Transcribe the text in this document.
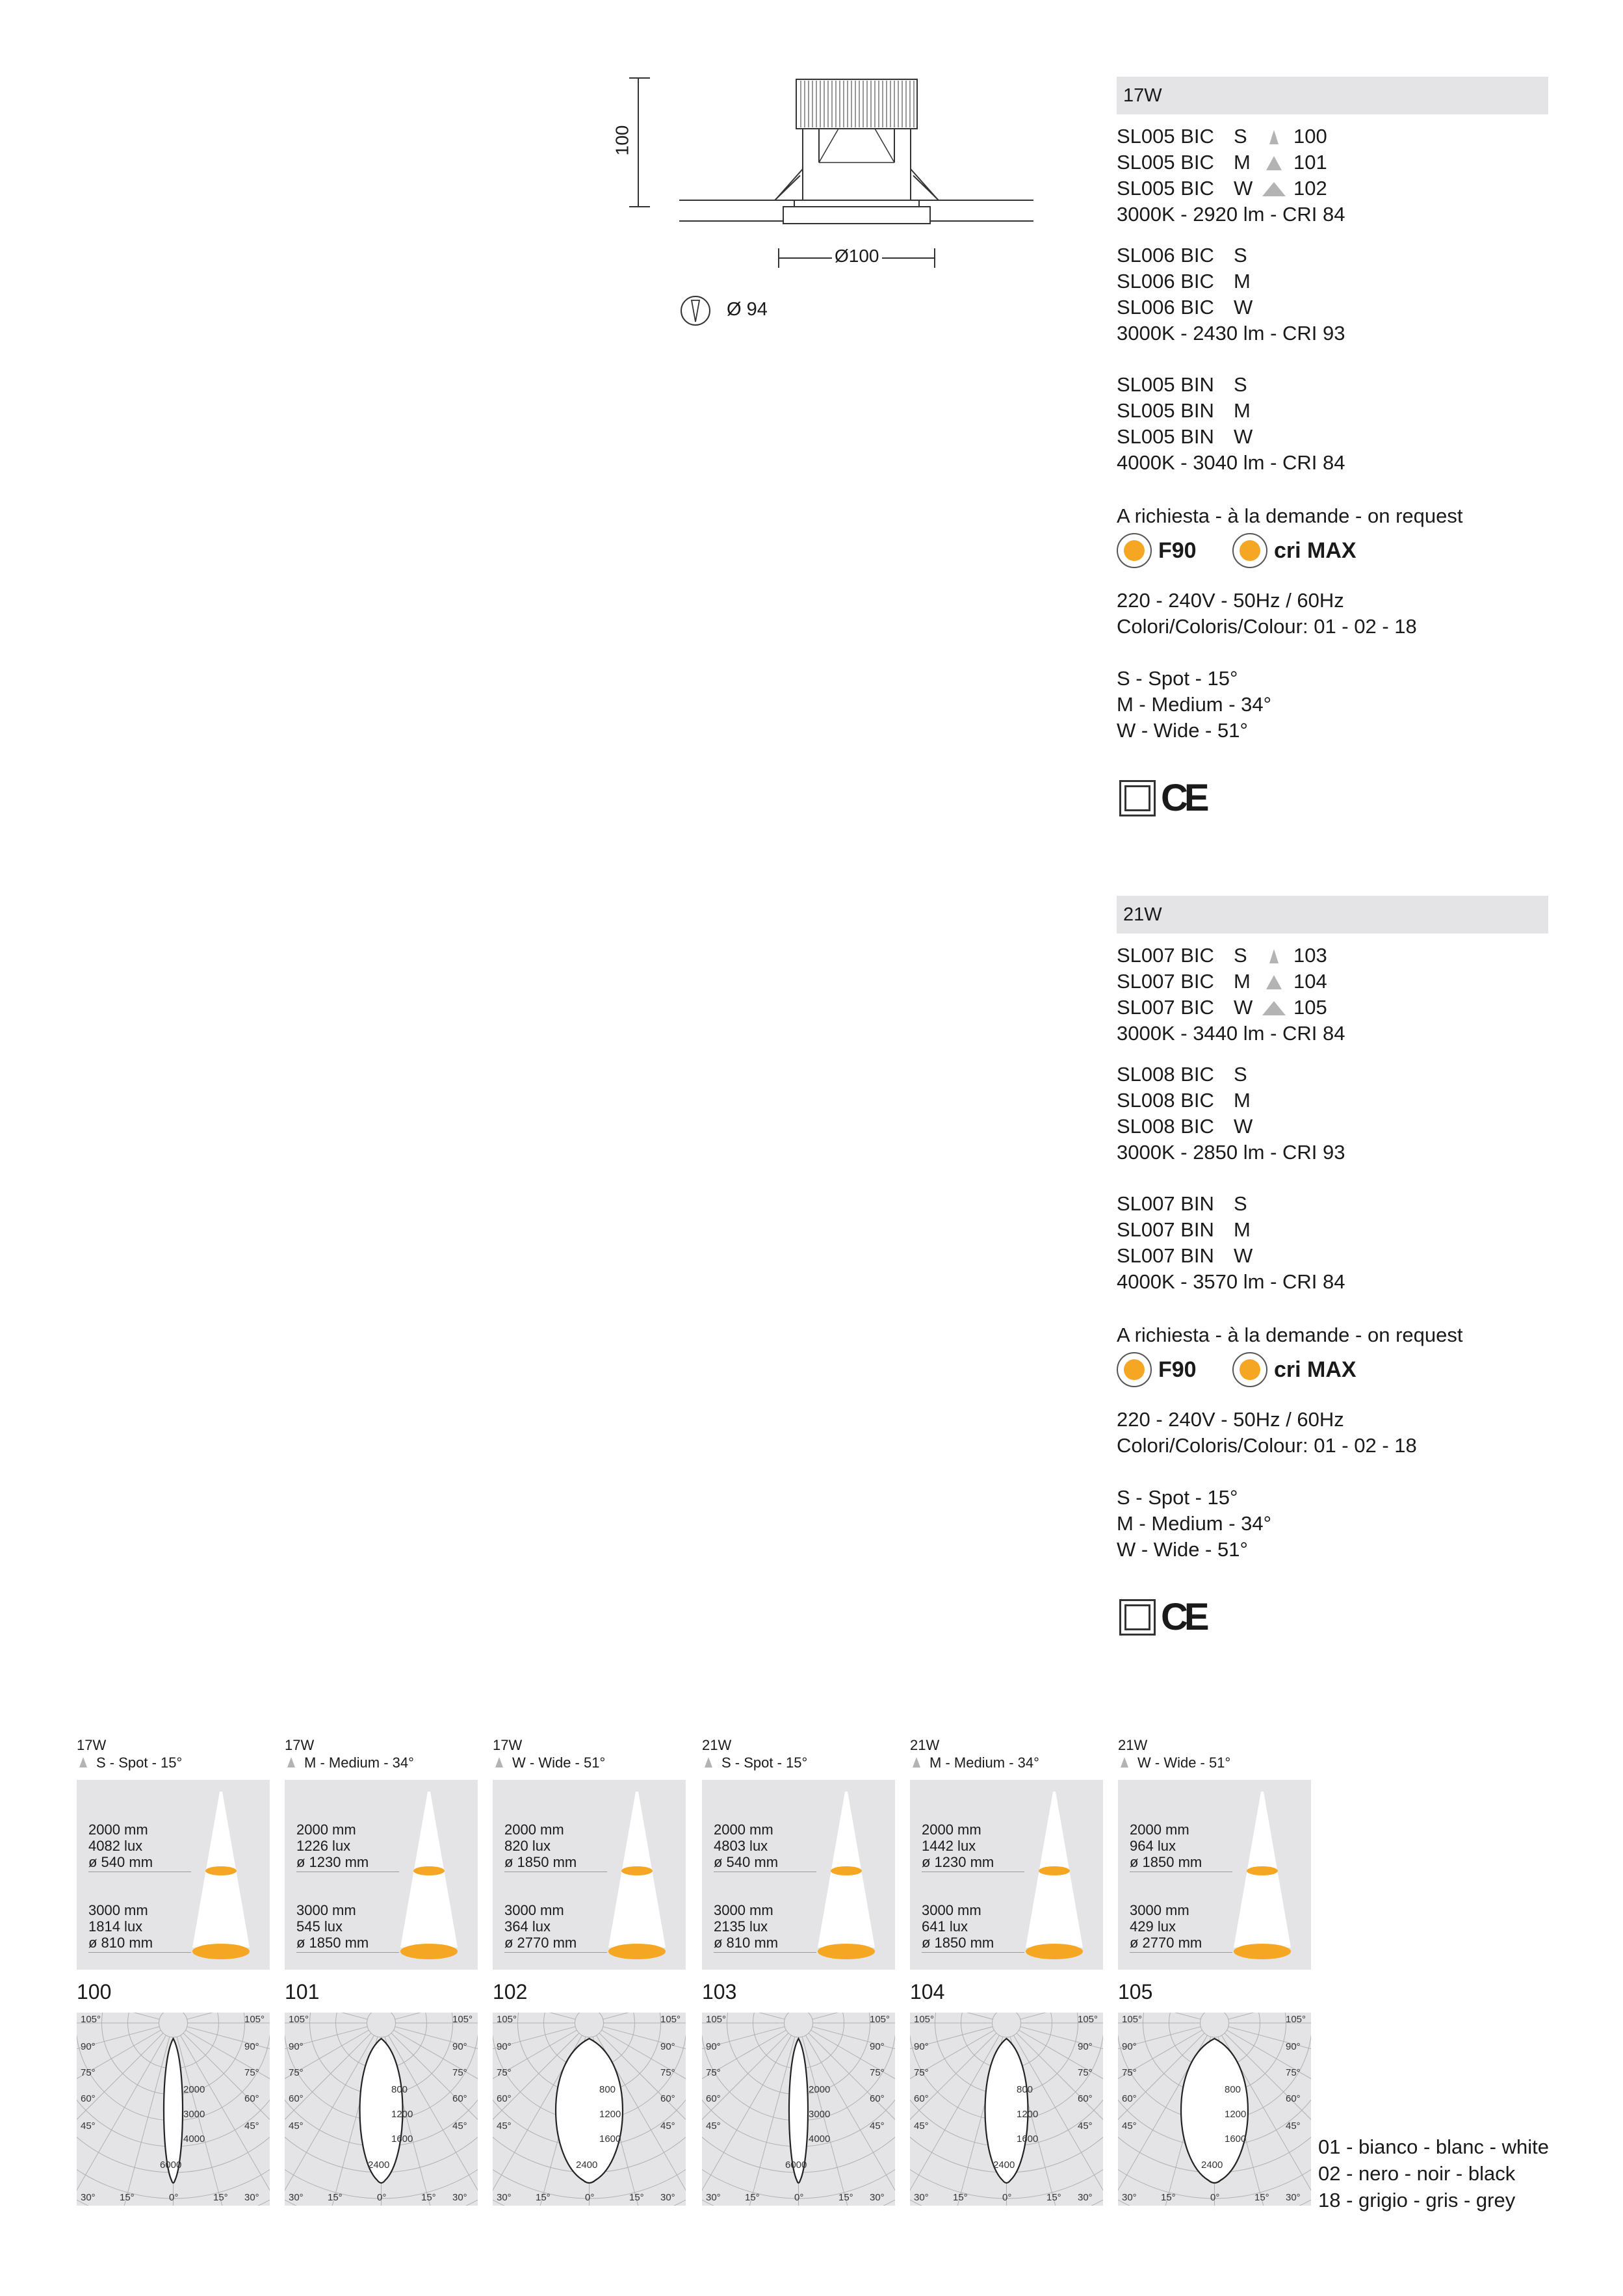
100
Ø100
Ø 94
17W
SL005 BIC S 100
SL005 BIC M 101
SL005 BIC W 102
3000K - 2920 lm - CRI 84
SL006 BIC S
SL006 BIC M
SL006 BIC W
3000K - 2430 lm - CRI 93
SL005 BIN S
SL005 BIN M
SL005 BIN W
4000K - 3040 lm - CRI 84
A richiesta - à la demande - on request
F90	cri MAX
220 - 240V - 50Hz / 60Hz
Colori/Coloris/Colour: 01 - 02 - 18
S - Spot - 15°
M - Medium - 34°
W - Wide - 51°
CE
21W
SL007 BIC S 103
SL007 BIC M 104
SL007 BIC W 105
3000K - 3440 lm - CRI 84
SL008 BIC S
SL008 BIC M
SL008 BIC W
3000K - 2850 lm - CRI 93
SL007 BIN S
SL007 BIN M
SL007 BIN W
4000K - 3570 lm - CRI 84
A richiesta - à la demande - on request
F90	cri MAX
220 - 240V - 50Hz / 60Hz
Colori/Coloris/Colour: 01 - 02 - 18
S - Spot - 15°
M - Medium - 34°
W - Wide - 51°
CE
17W
S - Spot - 15°
2000 mm
4082 lux
ø 540 mm
3000 mm
1814 lux
ø 810 mm
100
105°
90°
75°
60°
45°
30° 15°	0°
105°
90°
75°
60°
45°
30°
15°
2000
3000
4000
6000
17W
M - Medium - 34°
2000 mm
1226 lux
ø 1230 mm
3000 mm
545 lux
ø 1850 mm
101
105°
90°
75°
60°
45°
30° 15°	0°
105°
90°
75°
60°
45°
30°
15°
800
1200
1600
2400
17W
W - Wide - 51°
2000 mm
820 lux
ø 1850 mm
3000 mm
364 lux
ø 2770 mm
102
105°
90°
75°
60°
45°
30° 15°	0°
105°
90°
75°
60°
45°
30°
15°
800
1200
1600
2400
21W
S - Spot - 15°
2000 mm
4803 lux
ø 540 mm
3000 mm
2135 lux
ø 810 mm
103
105°
90°
75°
60°
45°
30° 15°	0°
105°
90°
75°
60°
45°
30°
15°
2000
3000
4000
6000
21W
M - Medium - 34°
2000 mm
1442 lux
ø 1230 mm
3000 mm
641 lux
ø 1850 mm
104
105°
90°
75°
60°
45°
30° 15°	0°
105°
90°
75°
60°
45°
30°
15°
800
1200
1600
2400
21W
W - Wide - 51°
2000 mm
964 lux
ø 1850 mm
3000 mm
429 lux
ø 2770 mm
105
105°
90°
75°
60°
45°
30° 15°	0°
105°
90°
75°
60°
45°
30°
15°
800
1200
1600
2400
01 - bianco - blanc - white
02 - nero - noir - black
18 - grigio - gris - grey
